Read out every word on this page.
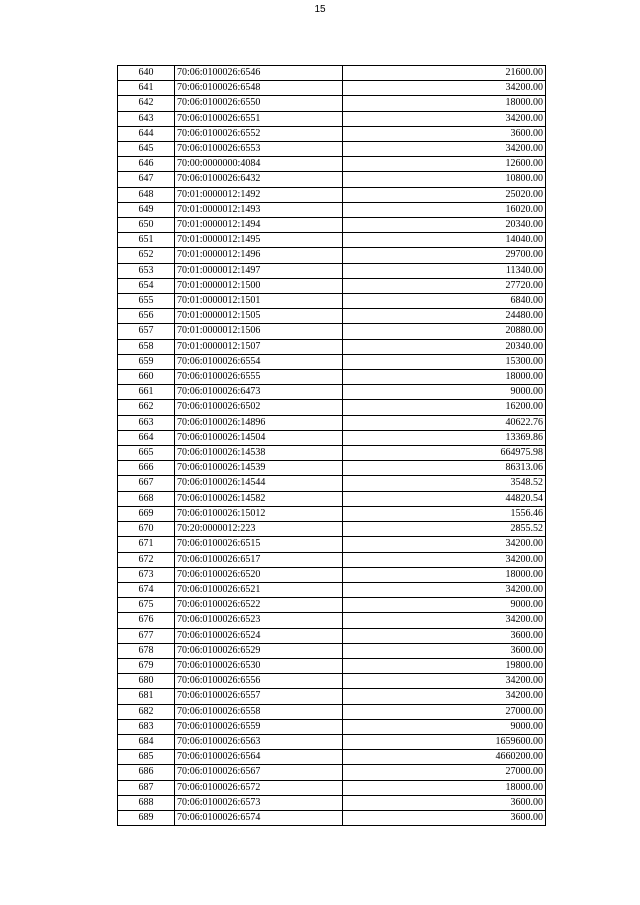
15
640	70:06:0100026:6546	21600.00
641	70:06:0100026:6548	34200.00
642	70:06:0100026:6550	18000.00
643	70:06:0100026:6551	34200.00
644	70:06:0100026:6552	3600.00
645	70:06:0100026:6553	34200.00
646	70:00:0000000:4084	12600.00
647	70:06:0100026:6432	10800.00
648	70:01:0000012:1492	25020.00
649	70:01:0000012:1493	16020.00
650	70:01:0000012:1494	20340.00
651	70:01:0000012:1495	14040.00
652	70:01:0000012:1496	29700.00
653	70:01:0000012:1497	11340.00
654	70:01:0000012:1500	27720.00
655	70:01:0000012:1501	6840.00
656	70:01:0000012:1505	24480.00
657	70:01:0000012:1506	20880.00
658	70:01:0000012:1507	20340.00
659	70:06:0100026:6554	15300.00
660	70:06:0100026:6555	18000.00
661	70:06:0100026:6473	9000.00
662	70:06:0100026:6502	16200.00
663	70:06:0100026:14896	40622.76
664	70:06:0100026:14504	13369.86
665	70:06:0100026:14538	664975.98
666	70:06:0100026:14539	86313.06
667	70:06:0100026:14544	3548.52
668	70:06:0100026:14582	44820.54
669	70:06:0100026:15012	1556.46
670	70:20:0000012:223	2855.52
671	70:06:0100026:6515	34200.00
672	70:06:0100026:6517	34200.00
673	70:06:0100026:6520	18000.00
674	70:06:0100026:6521	34200.00
675	70:06:0100026:6522	9000.00
676	70:06:0100026:6523	34200.00
677	70:06:0100026:6524	3600.00
678	70:06:0100026:6529	3600.00
679	70:06:0100026:6530	19800.00
680	70:06:0100026:6556	34200.00
681	70:06:0100026:6557	34200.00
682	70:06:0100026:6558	27000.00
683	70:06:0100026:6559	9000.00
684	70:06:0100026:6563	1659600.00
685	70:06:0100026:6564	4660200.00
686	70:06:0100026:6567	27000.00
687	70:06:0100026:6572	18000.00
688	70:06:0100026:6573	3600.00
689	70:06:0100026:6574	3600.00
